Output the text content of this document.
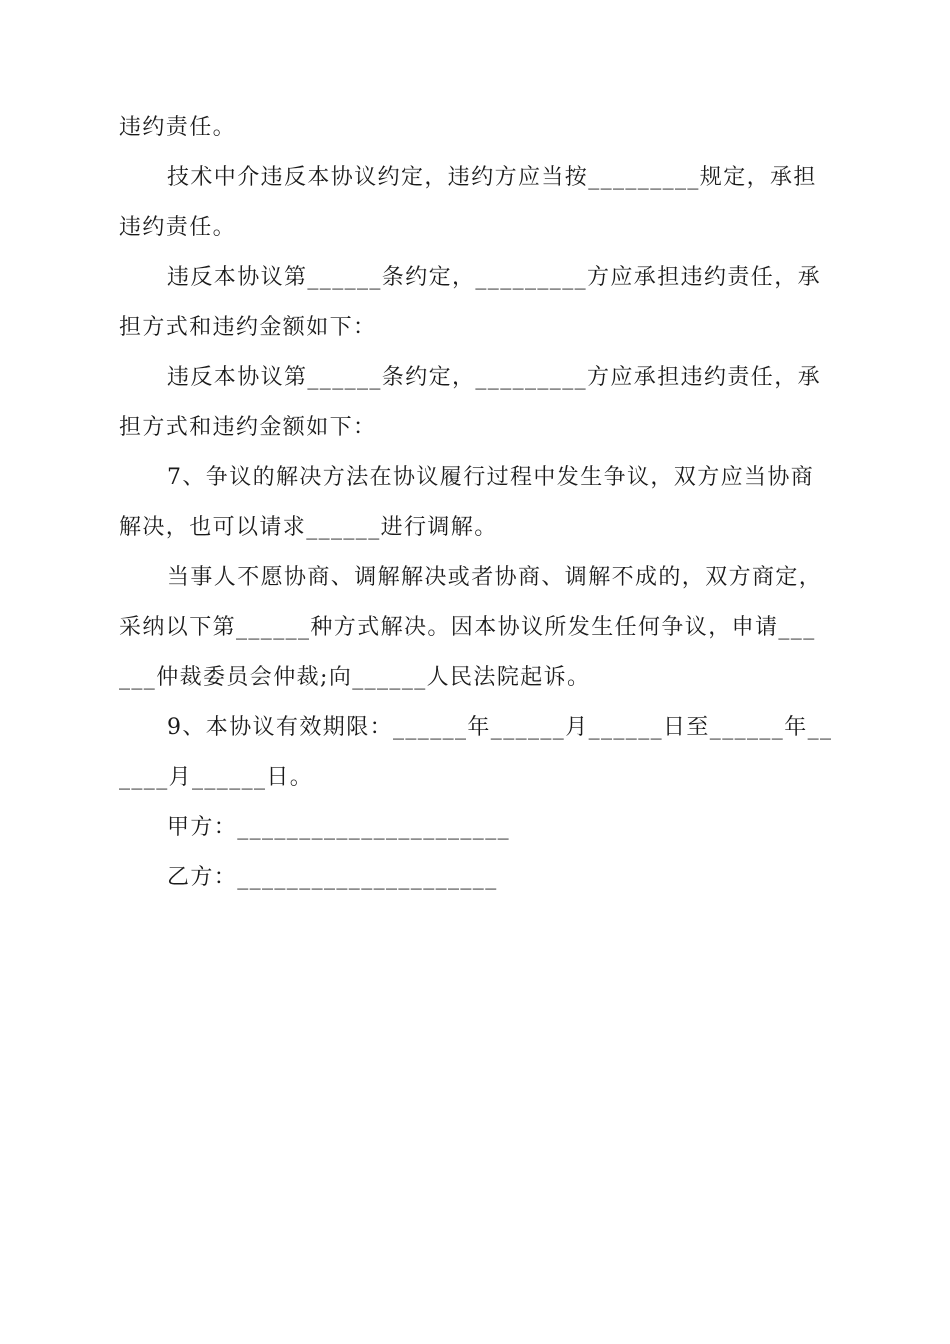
违约责任。
技术中介违反本协议约定，违约方应当按_________规定，承担
违约责任。
违反本协议第______条约定，_________方应承担违约责任，承
担方式和违约金额如下：
违反本协议第______条约定，_________方应承担违约责任，承
担方式和违约金额如下：
7、争议的解决方法在协议履行过程中发生争议，双方应当协商
解决，也可以请求______进行调解。
当事人不愿协商、调解解决或者协商、调解不成的，双方商定，
采纳以下第______种方式解决。因本协议所发生任何争议，申请___
___仲裁委员会仲裁;向______人民法院起诉。
9、本协议有效期限：______年______月______日至______年__
____月______日。
甲方：______________________
乙方：_____________________
